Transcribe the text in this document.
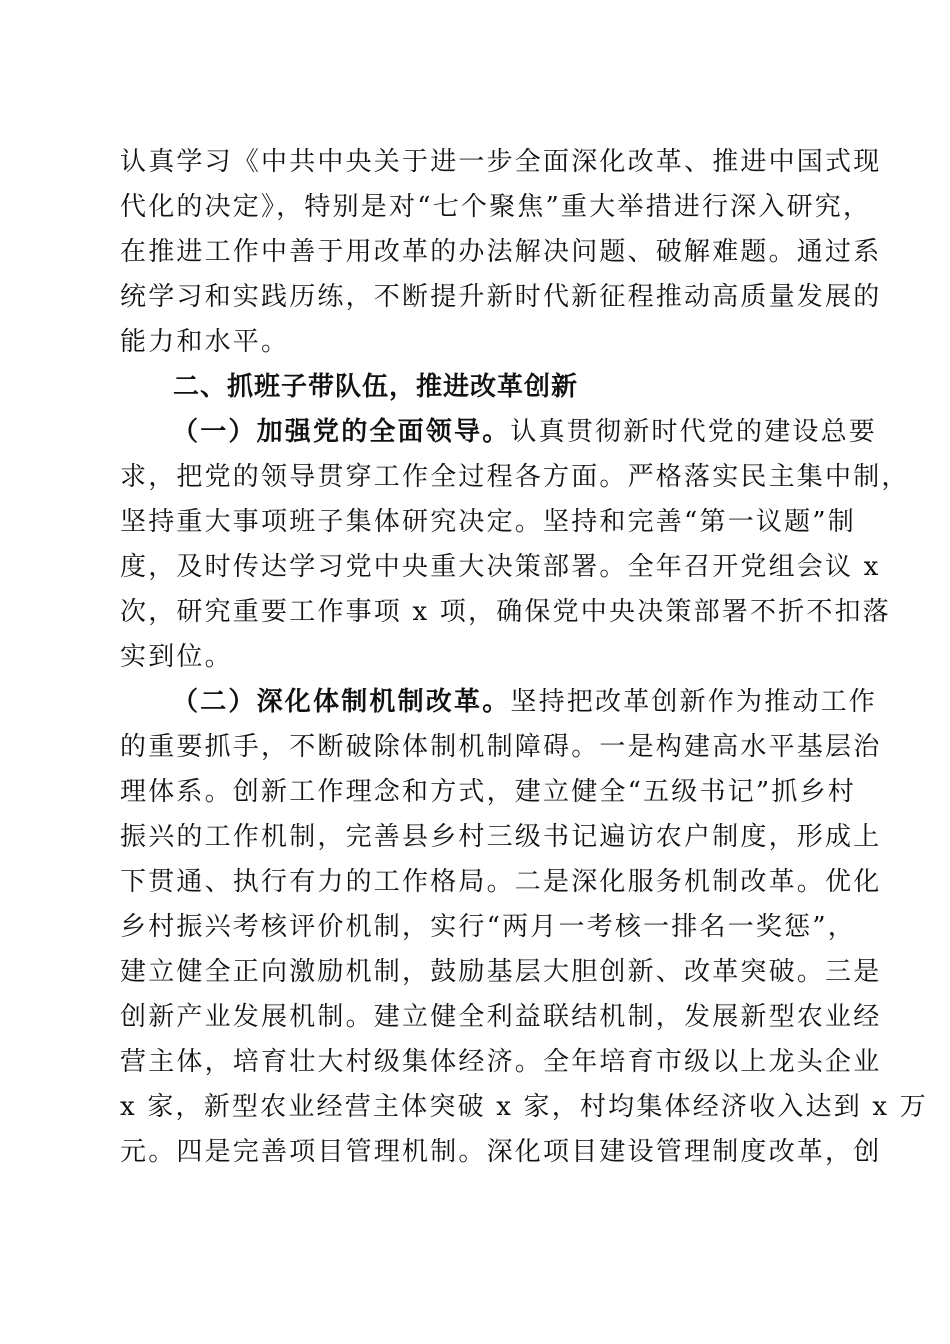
认真学习《中共中央关于进一步全面深化改革、推进中国式现
代化的决定》，特别是对“七个聚焦”重大举措进行深入研究，
在推进工作中善于用改革的办法解决问题、破解难题。通过系
统学习和实践历练，不断提升新时代新征程推动高质量发展的
能力和水平。
二、抓班子带队伍，推进改革创新
（一）加强党的全面领导。认真贯彻新时代党的建设总要
求，把党的领导贯穿工作全过程各方面。严格落实民主集中制，
坚持重大事项班子集体研究决定。坚持和完善“第一议题”制
度，及时传达学习党中央重大决策部署。全年召开党组会议 x
次，研究重要工作事项 x 项，确保党中央决策部署不折不扣落
实到位。
（二）深化体制机制改革。坚持把改革创新作为推动工作
的重要抓手，不断破除体制机制障碍。一是构建高水平基层治
理体系。创新工作理念和方式，建立健全“五级书记”抓乡村
振兴的工作机制，完善县乡村三级书记遍访农户制度，形成上
下贯通、执行有力的工作格局。二是深化服务机制改革。优化
乡村振兴考核评价机制，实行“两月一考核一排名一奖惩”，
建立健全正向激励机制，鼓励基层大胆创新、改革突破。三是
创新产业发展机制。建立健全利益联结机制，发展新型农业经
营主体，培育壮大村级集体经济。全年培育市级以上龙头企业
x 家，新型农业经营主体突破 x 家，村均集体经济收入达到 x 万
元。四是完善项目管理机制。深化项目建设管理制度改革，创
